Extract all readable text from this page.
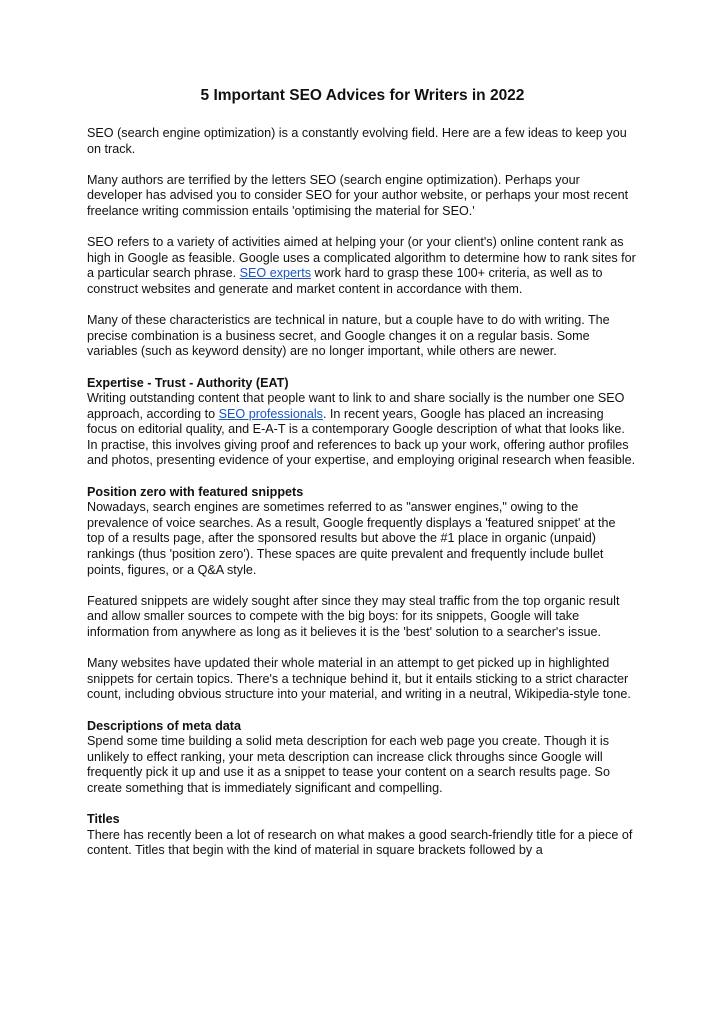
5 Important SEO Advices for Writers in 2022

SEO (search engine optimization) is a constantly evolving field. Here are a few ideas to keep you on track.

Many authors are terrified by the letters SEO (search engine optimization). Perhaps your developer has advised you to consider SEO for your author website, or perhaps your most recent freelance writing commission entails 'optimising the material for SEO.'

SEO refers to a variety of activities aimed at helping your (or your client's) online content rank as high in Google as feasible. Google uses a complicated algorithm to determine how to rank sites for a particular search phrase. SEO experts work hard to grasp these 100+ criteria, as well as to construct websites and generate and market content in accordance with them.

Many of these characteristics are technical in nature, but a couple have to do with writing. The precise combination is a business secret, and Google changes it on a regular basis. Some variables (such as keyword density) are no longer important, while others are newer.

Expertise - Trust - Authority (EAT)
Writing outstanding content that people want to link to and share socially is the number one SEO approach, according to SEO professionals. In recent years, Google has placed an increasing focus on editorial quality, and E-A-T is a contemporary Google description of what that looks like. In practise, this involves giving proof and references to back up your work, offering author profiles and photos, presenting evidence of your expertise, and employing original research when feasible.

Position zero with featured snippets
Nowadays, search engines are sometimes referred to as "answer engines," owing to the prevalence of voice searches. As a result, Google frequently displays a 'featured snippet' at the top of a results page, after the sponsored results but above the #1 place in organic (unpaid) rankings (thus 'position zero'). These spaces are quite prevalent and frequently include bullet points, figures, or a Q&A style.

Featured snippets are widely sought after since they may steal traffic from the top organic result and allow smaller sources to compete with the big boys: for its snippets, Google will take information from anywhere as long as it believes it is the 'best' solution to a searcher's issue.

Many websites have updated their whole material in an attempt to get picked up in highlighted snippets for certain topics. There's a technique behind it, but it entails sticking to a strict character count, including obvious structure into your material, and writing in a neutral, Wikipedia-style tone.

Descriptions of meta data
Spend some time building a solid meta description for each web page you create. Though it is unlikely to effect ranking, your meta description can increase click throughs since Google will frequently pick it up and use it as a snippet to tease your content on a search results page. So create something that is immediately significant and compelling.

Titles
There has recently been a lot of research on what makes a good search-friendly title for a piece of content. Titles that begin with the kind of material in square brackets followed by a
